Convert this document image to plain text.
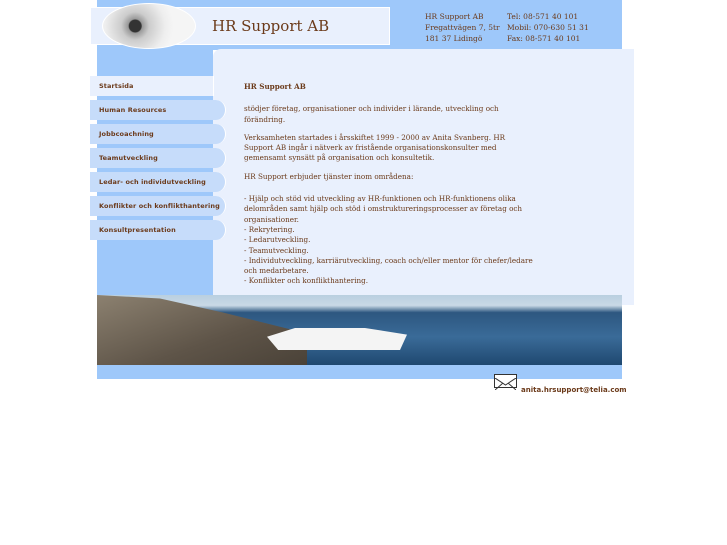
HR Support AB
HR Support AB
Fregattvägen 7, 5tr
181 37 Lidingö
Tel: 08-571 40 101
Mobil: 070-630 51 31
Fax: 08-571 40 101
Startsida
Human Resources
Jobbcoachning
Teamutveckling
Ledar- och individutveckling
Konflikter och konflikthantering
Konsultpresentation
HR Support AB

stödjer företag, organisationer och individer i lärande, utveckling och förändring.

Verksamheten startades i årsskiftet 1999 - 2000 av Anita Svanberg. HR Support AB ingår i nätverk av fristående organisationskonsulter med gemensamt synsätt på organisation och konsultetik.

HR Support erbjuder tjänster inom områdena:

- Hjälp och stöd vid utveckling av HR-funktionen och HR-funktionens olika delområden samt hjälp och stöd i omstruktureringsprocesser av företag och organisationer.
- Rekrytering.
- Ledarutveckling.
- Teamutveckling.
- Individutveckling, karriärutveckling, coach och/eller mentor för chefer/ledare och medarbetare.
- Konflikter och konflikthantering.
anita.hrsupport@telia.com
